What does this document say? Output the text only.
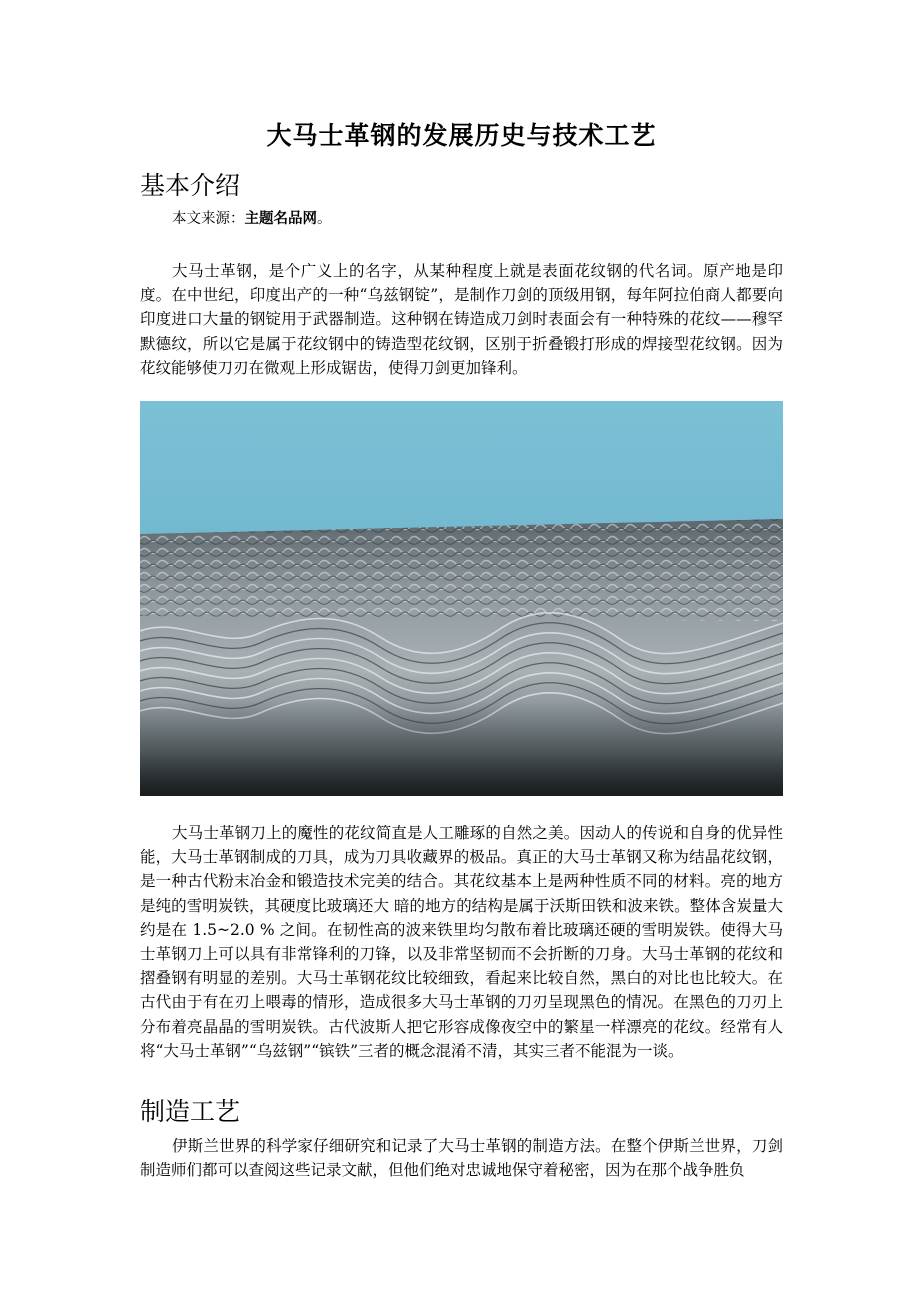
大马士革钢的发展历史与技术工艺
基本介绍

本文来源：主题名品网。

大马士革钢，是个广义上的名字，从某种程度上就是表面花纹钢的代名词。原产地是印度。在中世纪，印度出产的一种“乌兹钢锭”，是制作刀剑的顶级用钢，每年阿拉伯商人都要向印度进口大量的钢锭用于武器制造。这种钢在铸造成刀剑时表面会有一种特殊的花纹——穆罕默德纹，所以它是属于花纹钢中的铸造型花纹钢，区别于折叠锻打形成的焊接型花纹钢。因为花纹能够使刀刃在微观上形成锯齿，使得刀剑更加锋利。

大马士革钢刀上的魔性的花纹简直是人工雕琢的自然之美。因动人的传说和自身的优异性能，大马士革钢制成的刀具，成为刀具收藏界的极品。真正的大马士革钢又称为结晶花纹钢，是一种古代粉末冶金和锻造技术完美的结合。其花纹基本上是两种性质不同的材料。亮的地方是纯的雪明炭铁，其硬度比玻璃还大 暗的地方的结构是属于沃斯田铁和波来铁。整体含炭量大约是在 1.5~2.0 % 之间。在韧性高的波来铁里均匀散布着比玻璃还硬的雪明炭铁。使得大马士革钢刀上可以具有非常锋利的刀锋，以及非常坚韧而不会折断的刀身。大马士革钢的花纹和摺叠钢有明显的差别。大马士革钢花纹比较细致，看起来比较自然，黑白的对比也比较大。在古代由于有在刃上喂毒的情形，造成很多大马士革钢的刀刃呈现黑色的情况。在黑色的刀刃上分布着亮晶晶的雪明炭铁。古代波斯人把它形容成像夜空中的繁星一样漂亮的花纹。经常有人将“大马士革钢”“乌兹钢”“镔铁”三者的概念混淆不清，其实三者不能混为一谈。

制造工艺

伊斯兰世界的科学家仔细研究和记录了大马士革钢的制造方法。在整个伊斯兰世界，刀剑制造师们都可以查阅这些记录文献，但他们绝对忠诚地保守着秘密，因为在那个战争胜负
